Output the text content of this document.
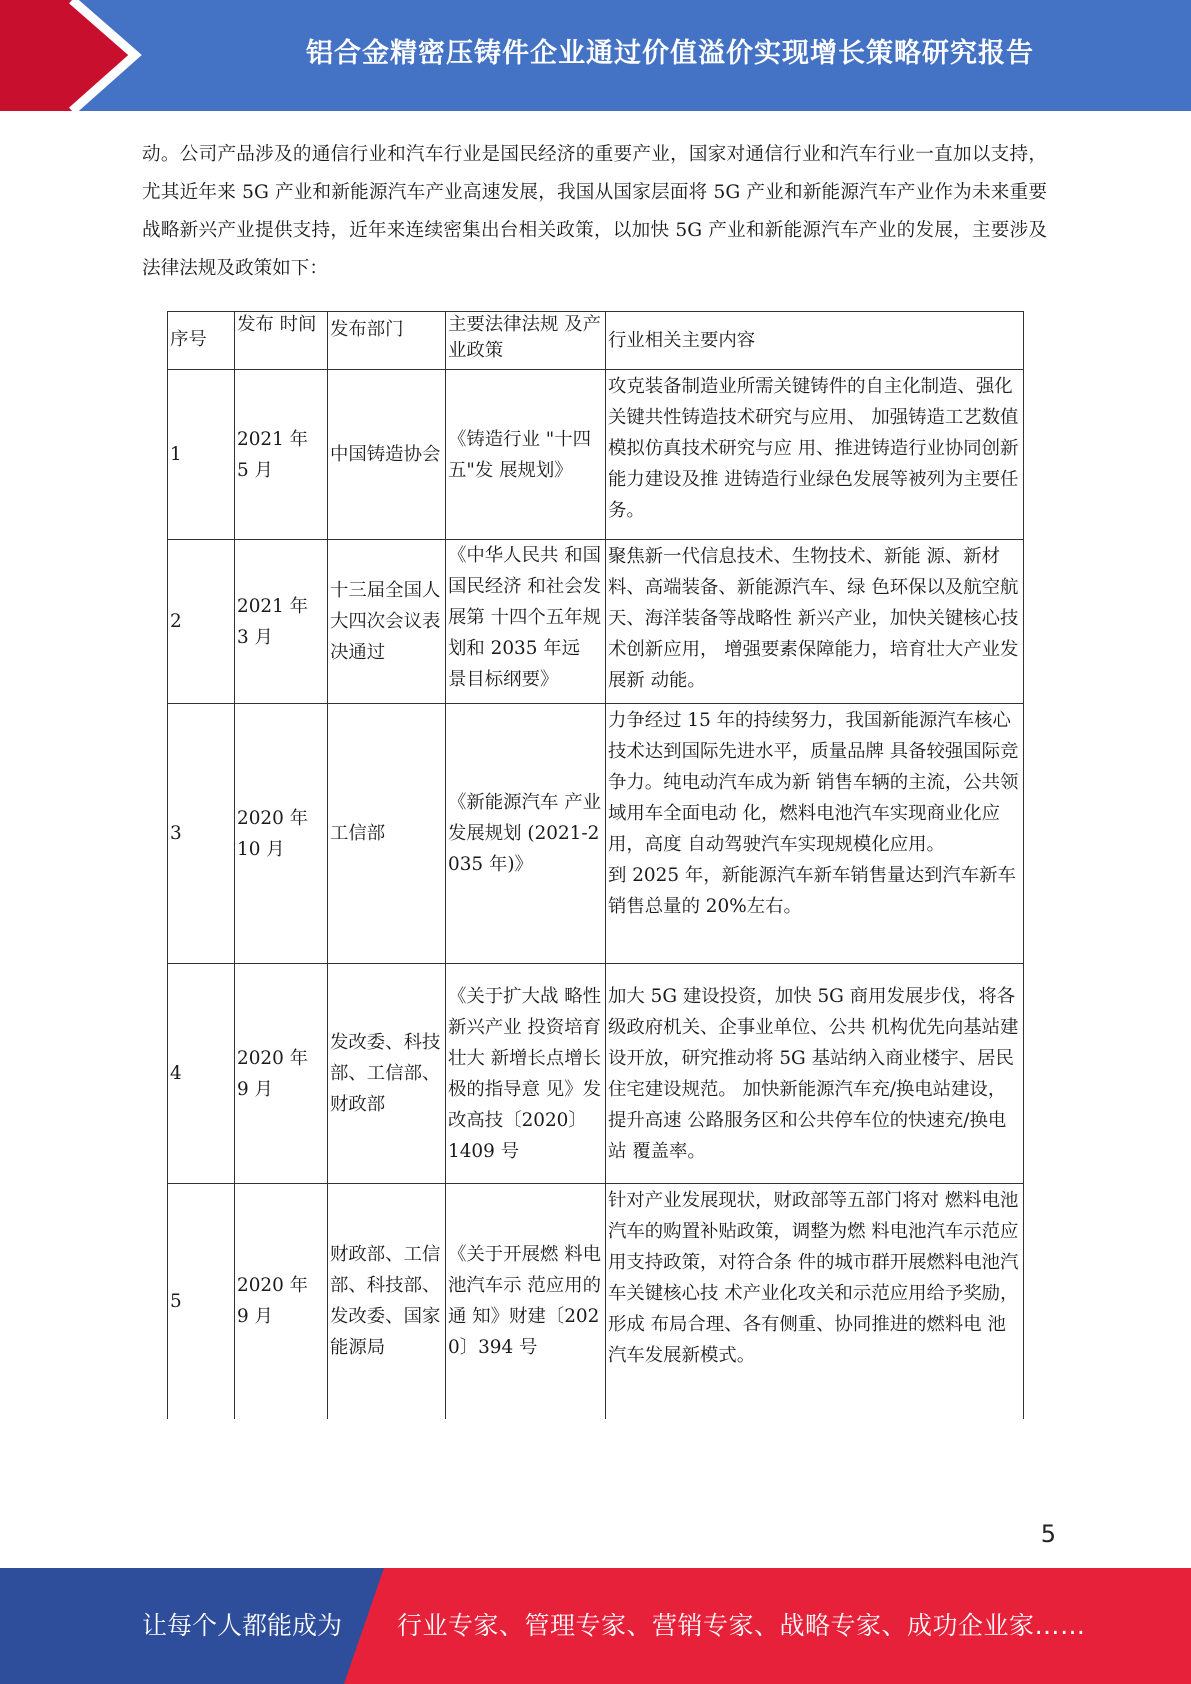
铝合金精密压铸件企业通过价值溢价实现增长策略研究报告
动。公司产品涉及的通信行业和汽车行业是国民经济的重要产业，国家对通信行业和汽车行业一直加以支持，尤其近年来 5G 产业和新能源汽车产业高速发展，我国从国家层面将 5G 产业和新能源汽车产业作为未来重要战略新兴产业提供支持，近年来连续密集出台相关政策，以加快 5G 产业和新能源汽车产业的发展，主要涉及法律法规及政策如下：
序号	发布 时间	发布部门	主要法律法规 及产业政策	行业相关主要内容

1	2021 年 5 月	中国铸造协会	《铸造行业 "十四五"发 展规划》	攻克装备制造业所需关键铸件的自主化制造、强化关键共性铸造技术研究与应用、 加强铸造工艺数值模拟仿真技术研究与应 用、推进铸造行业协同创新能力建设及推 进铸造行业绿色发展等被列为主要任务。

2	2021 年 3 月	十三届全国人大四次会议表决通过	《中华人民共 和国国民经济 和社会发展第 十四个五年规 划和 2035 年远 景目标纲要》	聚焦新一代信息技术、生物技术、新能 源、新材料、高端装备、新能源汽车、绿 色环保以及航空航天、海洋装备等战略性 新兴产业，加快关键核心技术创新应用， 增强要素保障能力，培育壮大产业发展新 动能。

3	2020 年 10 月	工信部	《新能源汽车 产业发展规划 (2021-2035 年)》	力争经过 15 年的持续努力，我国新能源汽车核心技术达到国际先进水平，质量品牌 具备较强国际竞争力。纯电动汽车成为新 销售车辆的主流，公共领域用车全面电动 化，燃料电池汽车实现商业化应用，高度 自动驾驶汽车实现规模化应用。
到 2025 年，新能源汽车新车销售量达到汽车新车销售总量的 20%左右。

4	2020 年 9 月	发改委、科技部、工信部、财政部	《关于扩大战 略性新兴产业 投资培育壮大 新增长点增长 极的指导意 见》发改高技〔2020〕 1409 号	加大 5G 建设投资，加快 5G 商用发展步伐，将各级政府机关、企事业单位、公共 机构优先向基站建设开放，研究推动将 5G 基站纳入商业楼宇、居民住宅建设规范。 加快新能源汽车充/换电站建设，提升高速 公路服务区和公共停车位的快速充/换电站 覆盖率。

5	2020 年 9 月	财政部、工信部、科技部、发改委、国家能源局	《关于开展燃 料电池汽车示 范应用的通 知》财建〔2020〕394 号	针对产业发展现状，财政部等五部门将对 燃料电池汽车的购置补贴政策，调整为燃 料电池汽车示范应用支持政策，对符合条 件的城市群开展燃料电池汽车关键核心技 术产业化攻关和示范应用给予奖励，形成 布局合理、各有侧重、协同推进的燃料电 池汽车发展新模式。
5
让每个人都能成为 行业专家、管理专家、营销专家、战略专家、成功企业家……
